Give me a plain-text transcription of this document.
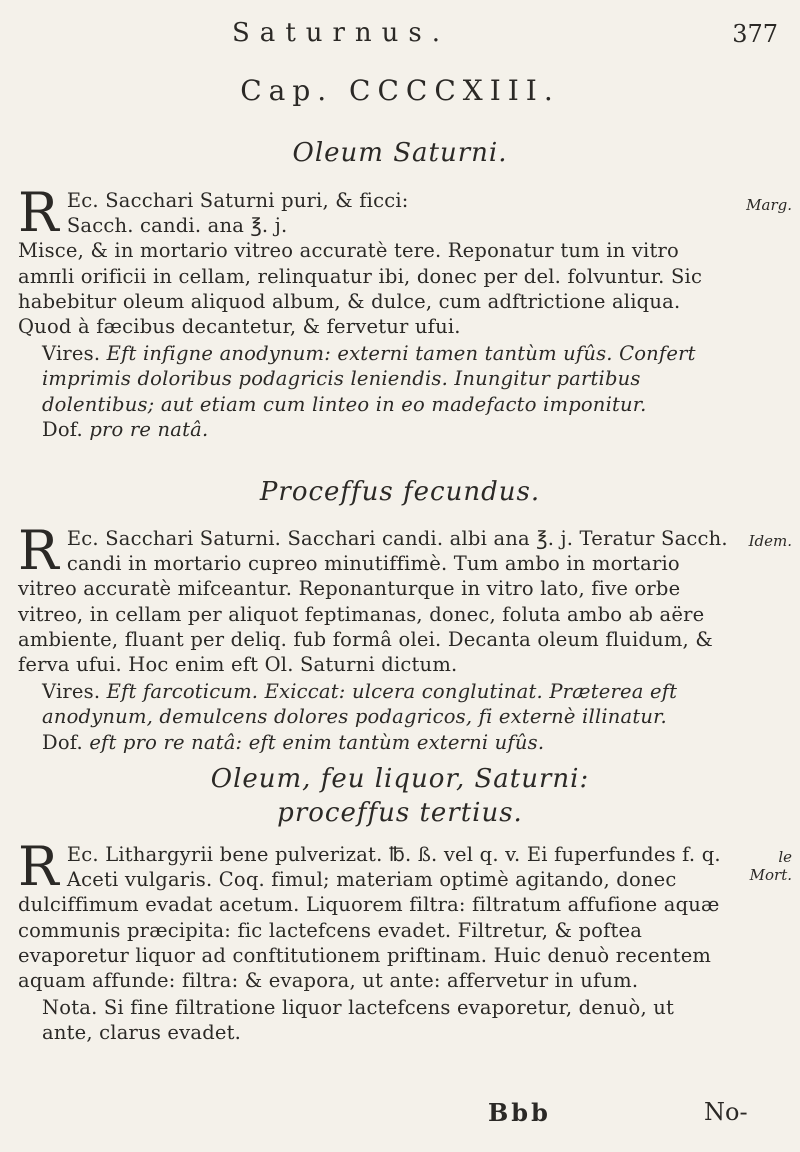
Saturnus.	377
Cap. CCCCXIII.
Oleum Saturni.
Marg.

R Ec. Sacchari Saturni puri, & ficci:
Sacch. candi. ana ℥. j.
Misce, & in mortario vitreo accuratè tere. Reponatur tum in vitro amπli orificii in cellam, relinquatur ibi, donec per del. folvuntur. Sic habebitur oleum aliquod album, & dulce, cum adftrictione aliqua. Quod à fæcibus decantetur, & fervetur ufui.

Vires. Eft infigne anodynum: externi tamen tantùm ufûs. Confert imprimis doloribus podagricis leniendis. Inungitur partibus dolentibus; aut etiam cum linteo in eo madefacto imponitur.

Dof. pro re natâ.

Proceffus fecundus.
Idem.

R Ec. Sacchari Saturni. Sacchari candi. albi ana ℥. j. Teratur Sacch. candi in mortario cupreo minutiffimè. Tum ambo in mortario vitreo accuratè mifceantur. Reponanturque in vitro lato, five orbe vitreo, in cellam per aliquot feptimanas, donec, foluta ambo ab aëre ambiente, fluant per deliq. fub formâ olei. Decanta oleum fluidum, & ferva ufui. Hoc enim eft Ol. Saturni dictum.

Vires. Eft farcoticum. Exiccat: ulcera conglutinat. Præterea eft anodynum, demulcens dolores podagricos, fi externè illinatur.

Dof. eft pro re natâ: eft enim tantùm externi ufûs.

Oleum, feu liquor, Saturni:
proceffus tertius.
le Mort.

R Ec. Lithargyrii bene pulverizat. ℔. ß. vel q. v. Ei fuperfundes f. q. Aceti vulgaris. Coq. fimul; materiam optimè agitando, donec dulciffimum evadat acetum. Liquorem filtra: filtratum affufione aquæ communis præcipita: fic lactefcens evadet. Filtretur, & poftea evaporetur liquor ad conftitutionem priftinam. Huic denuò recentem aquam affunde: filtra: & evapora, ut ante: affervetur in ufum.

Nota. Si fine filtratione liquor lactefcens evaporetur, denuò, ut ante, clarus evadet.

Bbb	No-
